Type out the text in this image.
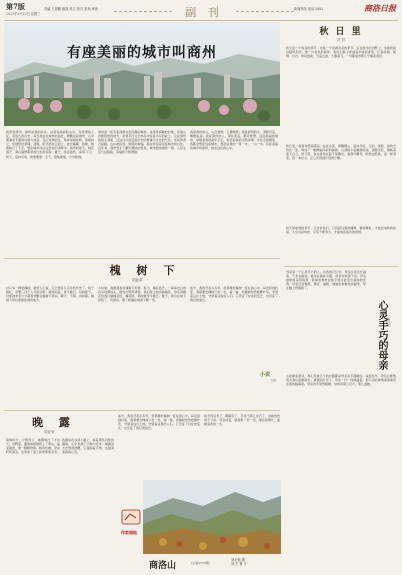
第7版
2023年5月10日 星期三
责编 王源鹏 版面 张立 校对 张杨 审读	副 刊	新闻热线 电话 2882	商洛日报
有座美丽的城市叫商州
我喜欢商州，商州是我的故乡。这里有美丽的山水，有热情的人民，有悠久的历史。每当我站在城市的高处，俯瞰这座城市，心中便涌起无限的自豪与热爱。丹江穿城而过，两岸绿树成荫，高楼林立，街道整洁宽阔。清晨，阳光洒在江面上，波光粼粼；傍晚，晚霞映红了天空，整座城市沐浴在金色的余晖中。商州的春天，桃花盛开，满山遍野都是粉红色的花海；夏天，绿意盎然，凉风习习；秋天，层林尽染，硕果累累；冬天，银装素裹，分外妖娆。
商州是一座有着深厚文化底蕴的城市。这里是商鞅的封地，是商山四皓隐居的地方，是贾平凹文学作品中反复书写的故土。走在商州的街头巷尾，处处可以感受到历史的厚重与文化的气息。老街的青石板路，古朴的民居，斑驳的城墙，都在诉说着这座城市的过往。近年来，商州发生了翻天覆地的变化，城市面貌焕然一新，人民生活日益富裕，幸福感不断增强。
我爱商州的山，山峦叠翠，云雾缭绕；我爱商州的水，清澈见底，蜿蜒流淌；我爱商州的人，淳朴善良，勤劳智慧。这座美丽的城市，承载着我的童年记忆，寄托着我的无限深情。无论走到哪里，我都会想起这座城市，想起这里的一草一木，一山一水。有座美丽的城市叫商州，她永远在我心中。
槐 树 下
胡蓝草
村口有一棵老槐树，据老人们说，它已经有几百年的历史了。树干粗壮，需要三四个人才能合抱；树冠如盖，遮天蔽日。每到夏天，村里的老老少少都喜欢聚在槐树下乘凉、聊天、下棋、讲故事。槐树下是村里最热闹的地方。
小时候，我最喜欢在槐树下玩耍。春天，槐花盛开，一串串洁白的花朵挂满枝头，散发出阵阵清香。我们爬上树去摘槐花，母亲用槐花给我们做槐花饭、槐花饼，那味道至今难忘。夏天，我们在树下捉知了、玩游戏，累了就躺在树荫下睡一觉。
如今，我离开家乡多年，但那棵老槐树一直在我心中。每次回到村里，我都要去槐树下坐一坐，看一看。老槐树依然枝繁叶茂，守望着这片土地，守望着这里的人们。它见证了村庄的变迁，也见证了我们的成长。
晚 露
刘亚荣
傍晚时分，夕阳西下，晚霞映红了半边天。田野里，露珠悄悄地爬上了草尖，晶莹剔透，像一颗颗珍珠。晚风轻拂，带来阵阵清凉，也带来了泥土和青草的芬芳。
我漫步在乡间小路上，看着那些闪烁的露珠，心中充满了宁静与安详。晚露是大自然的馈赠，它滋润着万物，也滋润着我的心灵。
如今，我离开家乡多年，但那棵老槐树一直在我心中。每次回到村里，我都要去槐树下坐一坐，看一看。老槐树依然枝繁叶茂，守望着这片土地，守望着这里的人们。它见证了村庄的变迁，也见证了我们的成长。
如今母亲老了，眼睛花了，手也不那么灵巧了，但她依然闲不下来。母亲的爱，就像那一针一线，细密而绵长，温暖着我的一生。
作家园地
商洛山	(总第2716期)
刘永强 摄
刘 杰 鲁 平
秋 日 里
冯 君
秋天是一个收获的季节，也是一个充满诗意的季节。走在秋日的田野上，金黄的稻谷随风起伏，像一片金色的海洋。农民们脸上洋溢着丰收的喜悦，忙着收割、晾晒、归仓。秋风送爽，天高云淡，大雁南飞，一切都显得那么宁静而美好。
秋日里，我喜欢登高望远。站在山顶，俯瞰群山，层林尽染，红的、黄的、绿的交织在一起，构成了一幅绚丽多彩的画卷。山间的小溪潺潺流淌，清澈见底，倒映着蓝天白云。秋日里，我也喜欢在院子里静坐，看落叶飘零，听秋虫低鸣，品一杯清茶，读一本好书，让心灵得到片刻的宁静。
秋天是成熟的季节，它告诉我们，只有经过春的播种、夏的耕耘，才能迎来秋的收获。人生也是如此，只有不断努力，才能收获成功的喜悦。
母亲是一个心灵手巧的人。在我的记忆中，母亲总是在忙碌着，不是在做饭，就是在缝补衣服，或者在地里干活。母亲做的饭菜特别香，简单的食材在她手里总能变出美味的佳肴。母亲还会剪纸、绣花、做鞋，她做的布鞋结实耐穿，穿在脚上舒服极了。
小时候家里穷，我们兄妹几个的衣服都是母亲亲手缝制的。每到过年，母亲总要熬夜为我们赶制新衣。昏黄的灯光下，母亲一针一线地缝着，那专注的神情深深地印在我的脑海里。母亲的手虽然粗糙，但却是那么灵巧，那么温暖。
心灵手巧的母亲 鲁 平
小说
方阵
